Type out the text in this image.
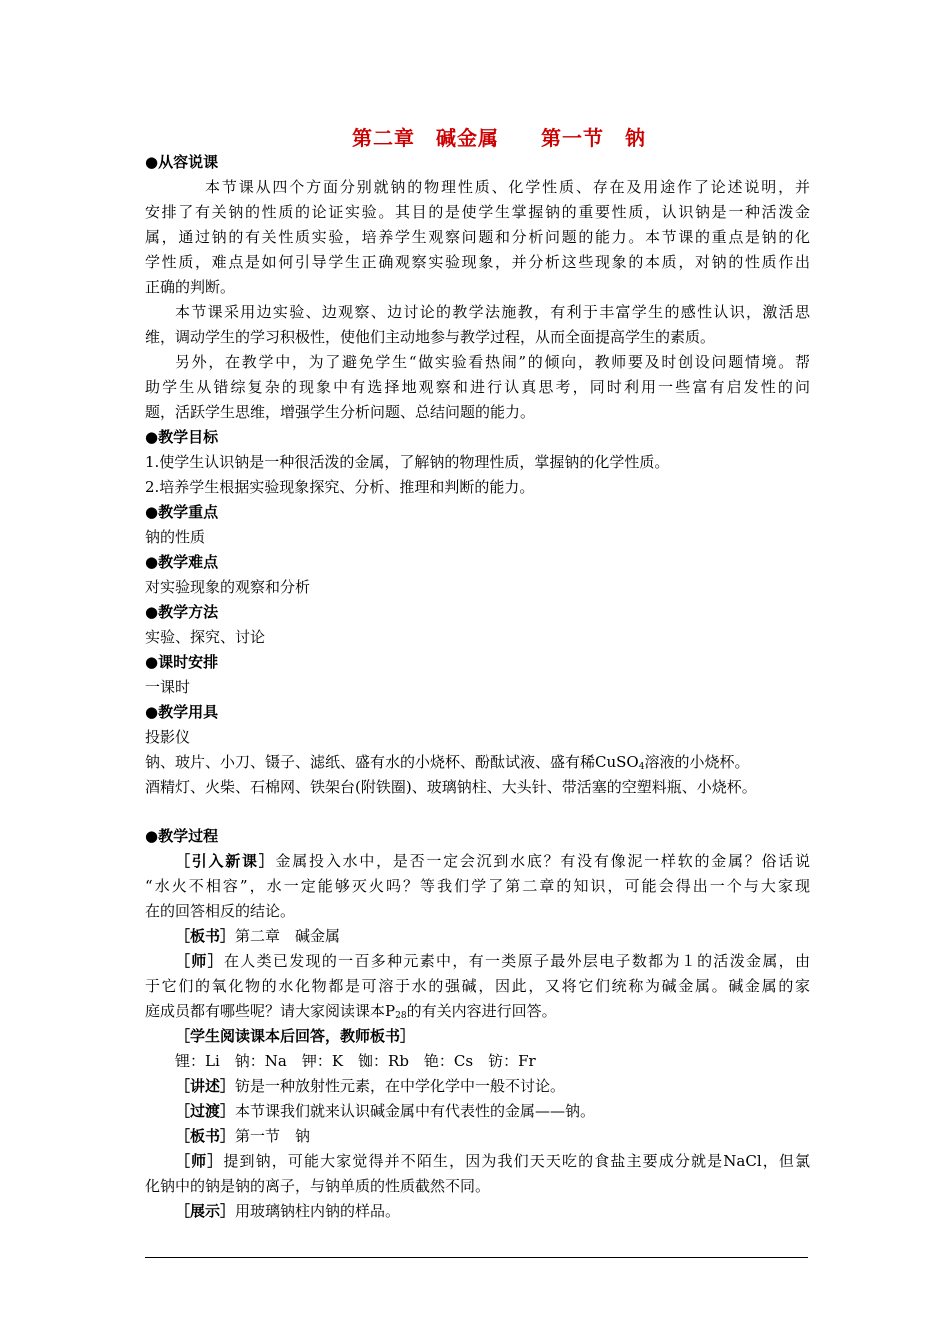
第二章　碱金属　　第一节　钠
●从容说课
本节课从四个方面分别就钠的物理性质、化学性质、存在及用途作了论述说明，并
安排了有关钠的性质的论证实验。其目的是使学生掌握钠的重要性质，认识钠是一种活泼金
属，通过钠的有关性质实验，培养学生观察问题和分析问题的能力。本节课的重点是钠的化
学性质，难点是如何引导学生正确观察实验现象，并分析这些现象的本质，对钠的性质作出
正确的判断。
本节课采用边实验、边观察、边讨论的教学法施教，有利于丰富学生的感性认识，激活思
维，调动学生的学习积极性，使他们主动地参与教学过程，从而全面提高学生的素质。
另外，在教学中，为了避免学生“做实验看热闹”的倾向，教师要及时创设问题情境。帮
助学生从错综复杂的现象中有选择地观察和进行认真思考，同时利用一些富有启发性的问
题，活跃学生思维，增强学生分析问题、总结问题的能力。
●教学目标
1.使学生认识钠是一种很活泼的金属，了解钠的物理性质，掌握钠的化学性质。
2.培养学生根据实验现象探究、分析、推理和判断的能力。
●教学重点
钠的性质
●教学难点
对实验现象的观察和分析
●教学方法
实验、探究、讨论
●课时安排
一课时
●教学用具
投影仪
钠、玻片、小刀、镊子、滤纸、盛有水的小烧杯、酚酞试液、盛有稀CuSO$_4$溶液的小烧杯。
酒精灯、火柴、石棉网、铁架台(附铁圈)、玻璃钠柱、大头针、带活塞的空塑料瓶、小烧杯。
●教学过程
［引入新课］金属投入水中，是否一定会沉到水底？有没有像泥一样软的金属？俗话说
“水火不相容”，水一定能够灭火吗？等我们学了第二章的知识，可能会得出一个与大家现
在的回答相反的结论。
［板书］第二章　碱金属
［师］在人类已发现的一百多种元素中，有一类原子最外层电子数都为１的活泼金属，由
于它们的氧化物的水化物都是可溶于水的强碱，因此，又将它们统称为碱金属。碱金属的家
庭成员都有哪些呢？请大家阅读课本$P_{28}$的有关内容进行回答。
［学生阅读课本后回答，教师板书］
锂：Li　钠：Na　钾：K　铷：Rb　铯：Cs　钫：Fr
［讲述］钫是一种放射性元素，在中学化学中一般不讨论。
［过渡］本节课我们就来认识碱金属中有代表性的金属——钠。
［板书］第一节　钠
［师］提到钠，可能大家觉得并不陌生，因为我们天天吃的食盐主要成分就是NaCl，但氯
化钠中的钠是钠的离子，与钠单质的性质截然不同。
［展示］用玻璃钠柱内钠的样品。
